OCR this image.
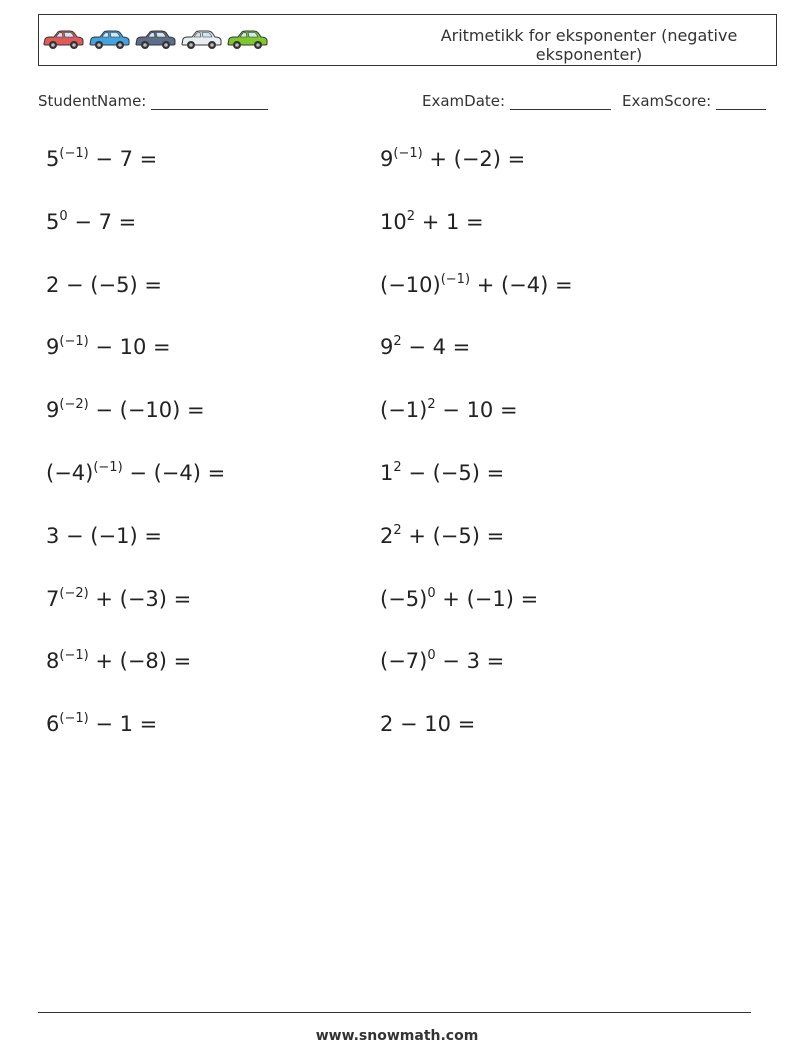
Aritmetikk for eksponenter (negative eksponenter)
StudentName:	ExamDate:	ExamScore:
$5^{(-1)} - 7$ =	$9^{(-1)} + (-2)$ =
$5^0 - 7$ =	$10^2 + 1$ =
2 − (−5) =	$(-10)^{(-1)} + (-4)$ =
$9^{(-1)} - 10$ =	$9^2 - 4$ =
$9^{(-2)} - (-10)$ =	$(-1)^2 - 10$ =
$(-4)^{(-1)} - (-4)$ =	$1^2 - (-5)$ =
3 − (−1) =	$2^2 + (-5)$ =
$7^{(-2)} + (-3)$ =	$(-5)^0 + (-1)$ =
$8^{(-1)} + (-8)$ =	$(-7)^0 - 3$ =
$6^{(-1)} - 1$ =	2 − 10 =
www.snowmath.com
